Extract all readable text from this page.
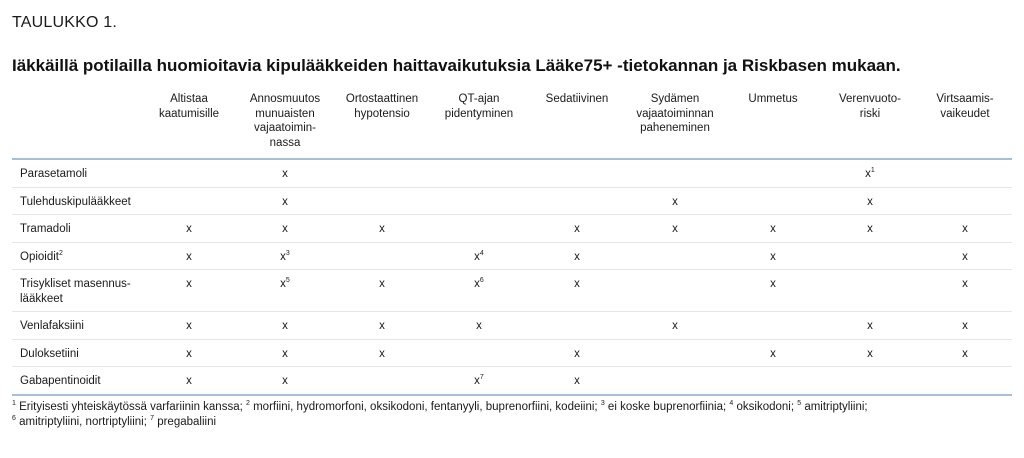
TAULUKKO 1.
Iäkkäillä potilailla huomioitavia kipulääkkeiden haittavaikutuksia Lääke75+ -tietokannan ja Riskbasen mukaan.
	Altistaa
kaatumisille	Annosmuutos
munuaisten
vajaatoimin-
nassa	Ortostaattinen
hypotensio	QT-ajan
pidentyminen	Sedatiivinen	Sydämen
vajaatoiminnan
paheneminen	Ummetus	Verenvuoto-
riski	Virtsaamis-
vaikeudet
Parasetamoli		x						$x^1$	
Tulehduskipulääkkeet		x				x		x	
Tramadoli	x	x	x		x	x	x	x	x
Opioidit$^2$	x	$x^3$		$x^4$	x		x		x
Trisykliset masennus-
lääkkeet	x	$x^5$	x	$x^6$	x		x		x
Venlafaksiini	x	x	x	x		x		x	x
Duloksetiini	x	x	x		x		x	x	x
Gabapentinoidit	x	x		$x^7$	x				
$^1$ Erityisesti yhteiskäytössä varfariinin kanssa; $^2$ morfiini, hydromorfoni, oksikodoni, fentanyyli, buprenorfiini, kodeiini; $^3$ ei koske buprenorfiinia; $^4$ oksikodoni; $^5$ amitriptyliini;
$^6$ amitriptyliini, nortriptyliini; $^7$ pregabaliini
